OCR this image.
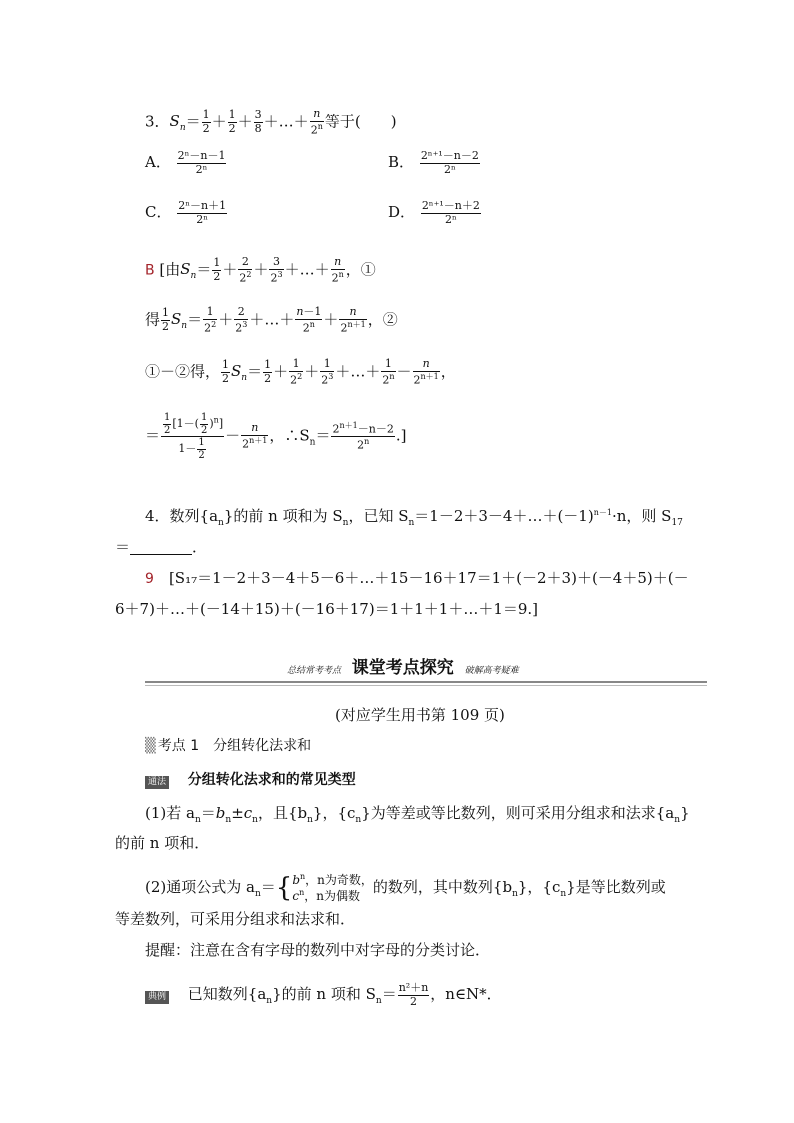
3．$S_n= \frac{1}{2} + \frac{1}{2} + \frac{3}{8}$ ＋…＋ $\frac{n}{2^n}$ 等于(　　)
A． $\frac{\text{2ⁿ－n－1}}{\text{2ⁿ}}$	B． $\frac{\text{2ⁿ⁺¹－n－2}}{\text{2ⁿ}}$
C． $\frac{\text{2ⁿ－n＋1}}{\text{2ⁿ}}$	D． $\frac{\text{2ⁿ⁺¹－n＋2}}{\text{2ⁿ}}$
B [由$S_n= \frac{1}{2} + \frac{2}{2^2} + \frac{3}{2^3}$ ＋…＋ $\frac{n}{2^n}$ ，①
得 $\frac{1}{2} S_n= \frac{1}{2^2} + \frac{2}{2^3}$ ＋…＋ $\frac{n-1}{2^n} + \frac{n}{2^{n+1}}$ ，②
①－②得， $\frac{1}{2} S_n= \frac{1}{2} + \frac{1}{2^2} + \frac{1}{2^3}$ ＋…＋ $\frac{1}{2^n} - \frac{n}{2^{n+1}}$ ，
＝ $\frac{\frac{1}{2} [1-( \frac{1}{2} )^n]}{1- \frac{1}{2}} - \frac{n}{2^{n+1}}$ ，$\therefore S_n= \frac{2^{n+1}-n-2}{2^n}$ .]
4．数列$\{a_n\}$的前 n 项和为 $S_n$，已知 $S_n=1-2+3-4+\dots+(-1)^{n-1}\cdot n$，则 $S_{17}$
＝	．
9　 [S₁₇＝1－2＋3－4＋5－6＋…＋15－16＋17＝1＋(－2＋3)＋(－4＋5)＋(－
6＋7)＋…＋(－14＋15)＋(－16＋17)＝1＋1＋1＋…＋1＝9.]
总结常考考点 课堂考点探究 破解高考疑难
(对应学生用书第 109 页)
▒ 考点 1　分组转化法求和
通法 分组转化法求和的常见类型
(1)若 $a_n=b_n\pm c_n$，且$\{b_n\}$，$\{c_n\}$为等差或等比数列，则可采用分组求和法求$\{a_n\}$
的前 n 项和．
(2)通项公式为 $a_n=$ { $b^n$，n为奇数，
$c^n$，n为偶数 的数列，其中数列$\{b_n\}$，$\{c_n\}$是等比数列或
等差数列，可采用分组求和法求和．
提醒：注意在含有字母的数列中对字母的分类讨论．
典例 已知数列$\{a_n\}$的前 n 项和 $S_n= \frac{\text{n²＋n}}{2}$ ，n∈N*．
